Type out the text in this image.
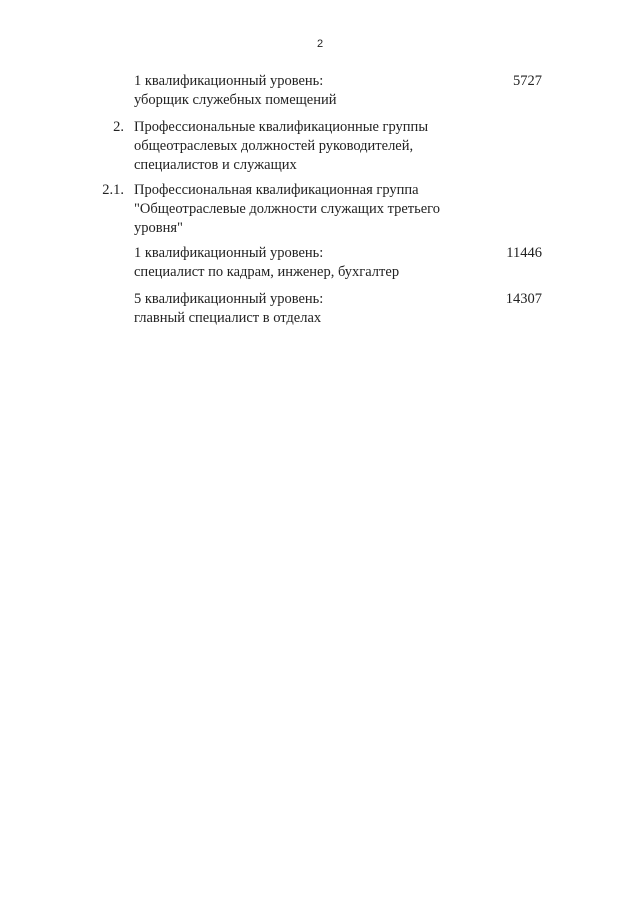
2
1 квалификационный уровень:
уборщик служебных помещений
5727
2. Профессиональные квалификационные группы
общеотраслевых должностей руководителей,
специалистов и служащих
2.1. Профессиональная квалификационная группа
"Общеотраслевые должности служащих третьего
уровня"
1 квалификационный уровень:
специалист по кадрам, инженер, бухгалтер
11446
5 квалификационный уровень:
главный специалист в отделах
14307
